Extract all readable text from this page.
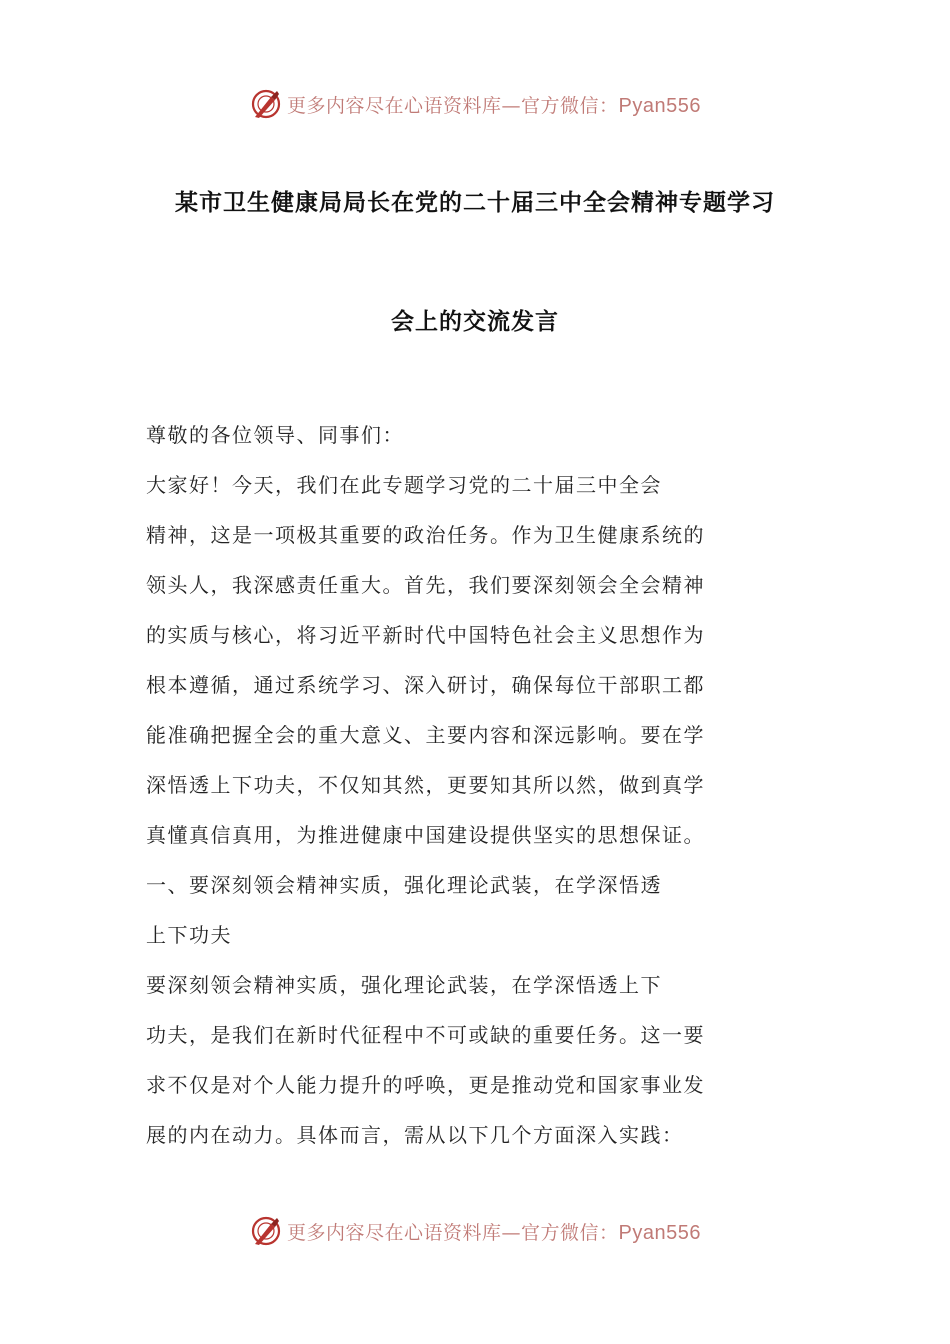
更多内容尽在心语资料库—官方微信：Pyan556
某市卫生健康局局长在党的二十届三中全会精神专题学习
会上的交流发言
尊敬的各位领导、同事们：
大家好！今天，我们在此专题学习党的二十届三中全会
精神，这是一项极其重要的政治任务。作为卫生健康系统的
领头人，我深感责任重大。首先，我们要深刻领会全会精神
的实质与核心，将习近平新时代中国特色社会主义思想作为
根本遵循，通过系统学习、深入研讨，确保每位干部职工都
能准确把握全会的重大意义、主要内容和深远影响。要在学
深悟透上下功夫，不仅知其然，更要知其所以然，做到真学
真懂真信真用，为推进健康中国建设提供坚实的思想保证。
一、要深刻领会精神实质，强化理论武装，在学深悟透
上下功夫
要深刻领会精神实质，强化理论武装，在学深悟透上下
功夫，是我们在新时代征程中不可或缺的重要任务。这一要
求不仅是对个人能力提升的呼唤，更是推动党和国家事业发
展的内在动力。具体而言，需从以下几个方面深入实践：
更多内容尽在心语资料库—官方微信：Pyan556
